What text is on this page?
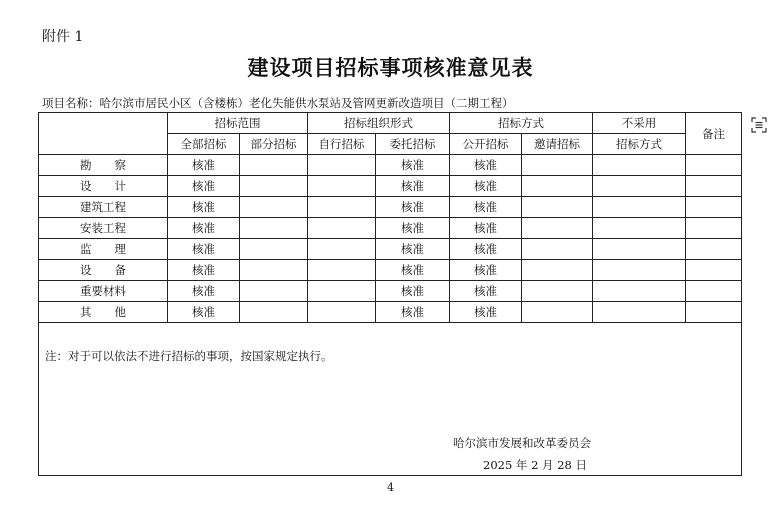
附件 1
建设项目招标事项核准意见表
项目名称：哈尔滨市居民小区（含楼栋）老化失能供水泵站及管网更新改造项目（二期工程）
	招标范围		招标组织形式		招标方式		不采用	备注
	全部招标	部分招标	自行招标	委托招标	公开招标	邀请招标	招标方式	
勘　　察	核准			核准	核准			
设　　计	核准			核准	核准			
建筑工程	核准			核准	核准			
安装工程	核准			核准	核准			
监　　理	核准			核准	核准			
设　　备	核准			核准	核准			
重要材料	核准			核准	核准			
其　　他	核准			核准	核准			
注：对于可以依法不进行招标的事项，按国家规定执行。
哈尔滨市发展和改革委员会
2025 年 2 月 28 日
4
